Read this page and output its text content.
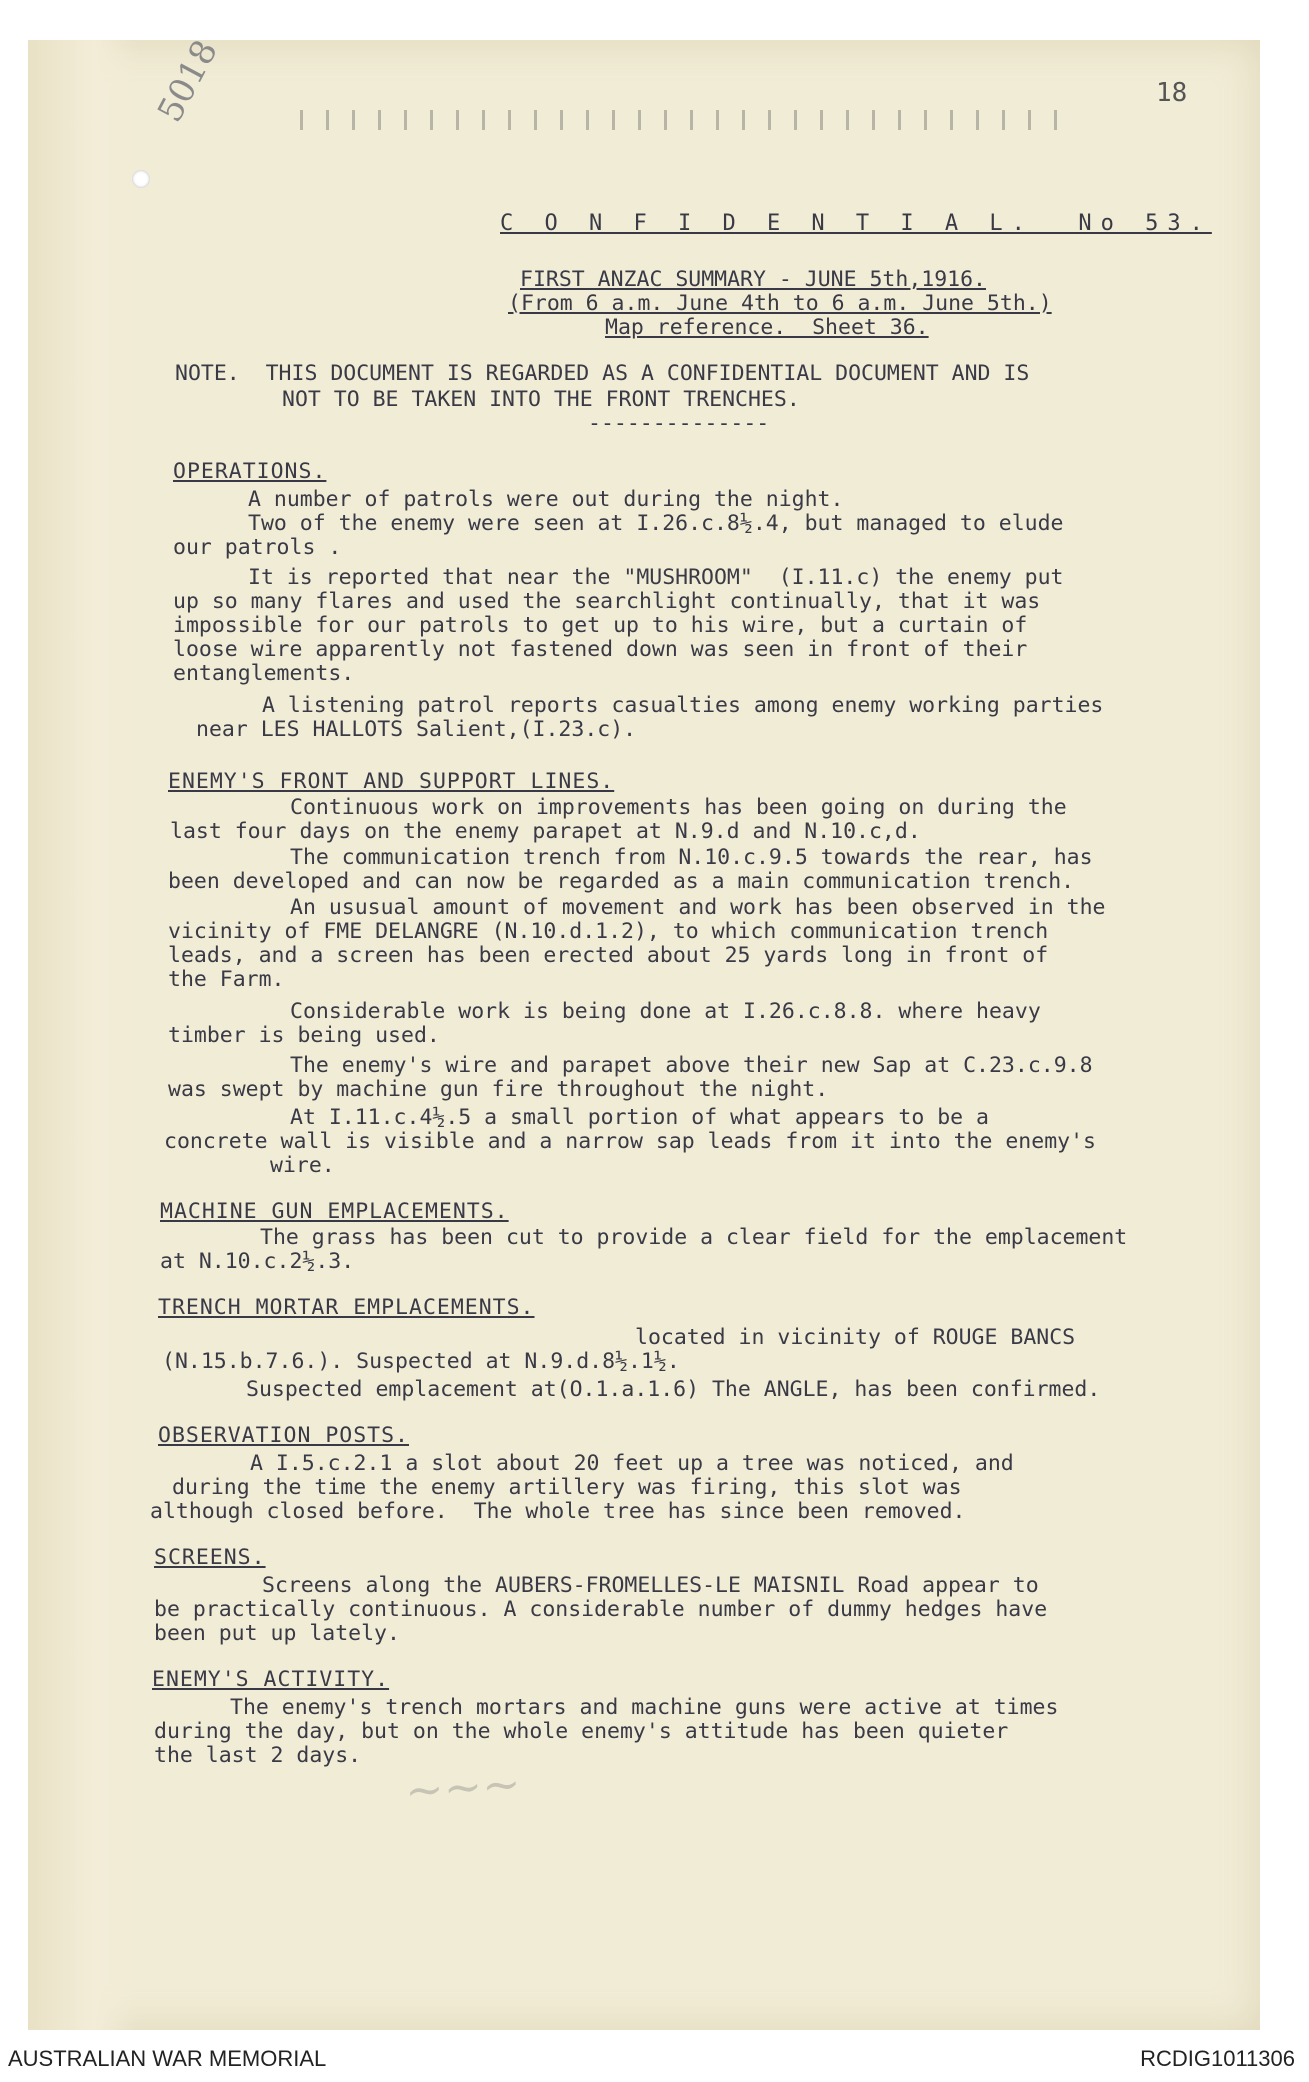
5018	18
C O N F I D E N T I A L.  No 53.
FIRST ANZAC SUMMARY - JUNE 5th,1916.
(From 6 a.m. June 4th to 6 a.m. June 5th.)
Map reference.  Sheet 36.
NOTE.  THIS DOCUMENT IS REGARDED AS A CONFIDENTIAL DOCUMENT AND IS
NOT TO BE TAKEN INTO THE FRONT TRENCHES.
--------------
OPERATIONS.
A number of patrols were out during the night.
Two of the enemy were seen at I.26.c.8½.4, but managed to elude
our patrols .
It is reported that near the "MUSHROOM"  (I.11.c) the enemy put
up so many flares and used the searchlight continually, that it was
impossible for our patrols to get up to his wire, but a curtain of
loose wire apparently not fastened down was seen in front of their
entanglements.
A listening patrol reports casualties among enemy working parties
near LES HALLOTS Salient,(I.23.c).
ENEMY'S FRONT AND SUPPORT LINES.
Continuous work on improvements has been going on during the
last four days on the enemy parapet at N.9.d and N.10.c,d.
The communication trench from N.10.c.9.5 towards the rear, has
been developed and can now be regarded as a main communication trench.
An ususual amount of movement and work has been observed in the
vicinity of FME DELANGRE (N.10.d.1.2), to which communication trench
leads, and a screen has been erected about 25 yards long in front of
the Farm.
Considerable work is being done at I.26.c.8.8. where heavy
timber is being used.
The enemy's wire and parapet above their new Sap at C.23.c.9.8
was swept by machine gun fire throughout the night.
At I.11.c.4½.5 a small portion of what appears to be a
concrete wall is visible and a narrow sap leads from it into the enemy's
wire.
MACHINE GUN EMPLACEMENTS.
The grass has been cut to provide a clear field for the emplacement
at N.10.c.2½.3.
TRENCH MORTAR EMPLACEMENTS.
located in vicinity of ROUGE BANCS
(N.15.b.7.6.). Suspected at N.9.d.8½.1½.
Suspected emplacement at(O.1.a.1.6) The ANGLE, has been confirmed.
OBSERVATION POSTS.
A I.5.c.2.1 a slot about 20 feet up a tree was noticed, and
during the time the enemy artillery was firing, this slot was
although closed before.  The whole tree has since been removed.
SCREENS.
Screens along the AUBERS-FROMELLES-LE MAISNIL Road appear to
be practically continuous. A considerable number of dummy hedges have
been put up lately.
ENEMY'S ACTIVITY.
The enemy's trench mortars and machine guns were active at times
during the day, but on the whole enemy's attitude has been quieter
the last 2 days.
~~~
AUSTRALIAN WAR MEMORIAL	RCDIG1011306
